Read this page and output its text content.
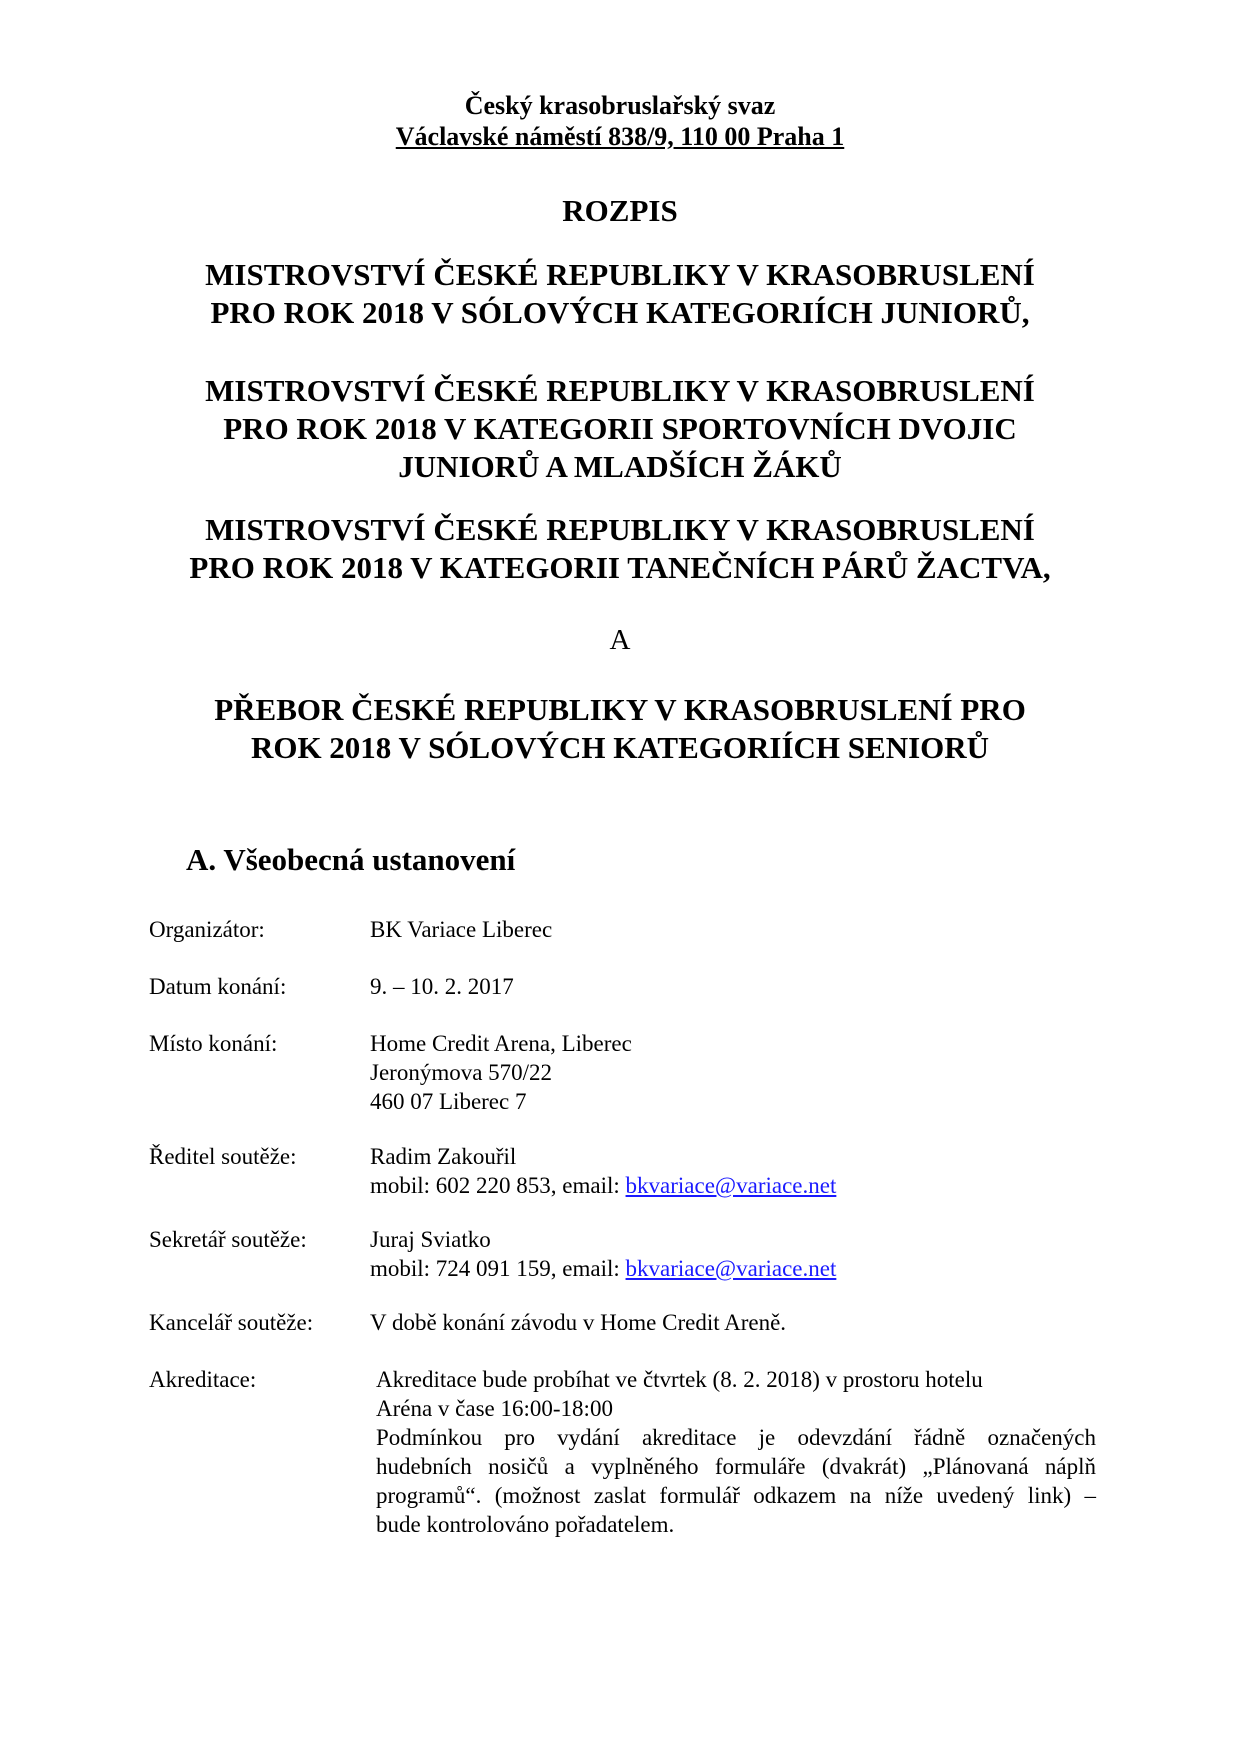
Český krasobruslařský svaz
Václavské náměstí 838/9, 110 00 Praha 1
ROZPIS
MISTROVSTVÍ ČESKÉ REPUBLIKY V KRASOBRUSLENÍ
PRO ROK 2018 V SÓLOVÝCH KATEGORIÍCH JUNIORŮ,
MISTROVSTVÍ ČESKÉ REPUBLIKY V KRASOBRUSLENÍ
PRO ROK 2018 V KATEGORII SPORTOVNÍCH DVOJIC
JUNIORŮ A MLADŠÍCH ŽÁKŮ
MISTROVSTVÍ ČESKÉ REPUBLIKY V KRASOBRUSLENÍ
PRO ROK 2018 V KATEGORII TANEČNÍCH PÁRŮ ŽACTVA,
A
PŘEBOR ČESKÉ REPUBLIKY V KRASOBRUSLENÍ PRO
ROK 2018 V SÓLOVÝCH KATEGORIÍCH SENIORŮ
A. Všeobecná ustanovení
Organizátor:	BK Variace Liberec
Datum konání:	9. – 10. 2. 2017
Místo konání:	Home Credit Arena, Liberec
Jeronýmova 570/22
460 07 Liberec 7
Ředitel soutěže:	Radim Zakouřil
mobil: 602 220 853, email: bkvariace@variace.net
Sekretář soutěže:	Juraj Sviatko
mobil: 724 091 159, email: bkvariace@variace.net
Kancelář soutěže: V době konání závodu v Home Credit Areně.
Akreditace:	Akreditace bude probíhat ve čtvrtek (8. 2. 2018) v prostoru hotelu
Aréna v čase 16:00-18:00
Podmínkou pro vydání akreditace je odevzdání řádně označených
hudebních nosičů a vyplněného formuláře (dvakrát) „Plánovaná náplň
programů“. (možnost zaslat formulář odkazem na níže uvedený link) –
bude kontrolováno pořadatelem.
